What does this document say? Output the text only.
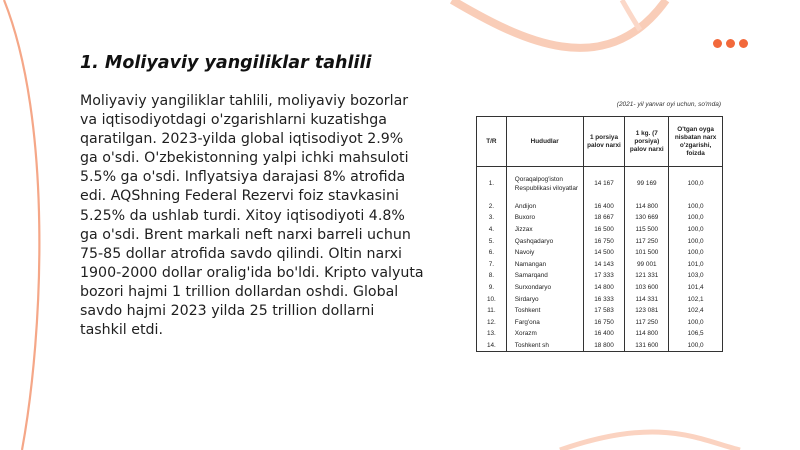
1. Moliyaviy yangiliklar tahlili
Moliyaviy yangiliklar tahlili, moliyaviy bozorlar va iqtisodiyotdagi o'zgarishlarni kuzatishga qaratilgan. 2023-yilda global iqtisodiyot 2.9% ga o'sdi. O'zbekistonning yalpi ichki mahsuloti 5.5% ga o'sdi. Inflyatsiya darajasi 8% atrofida edi. AQShning Federal Rezervi foiz stavkasini 5.25% da ushlab turdi. Xitoy iqtisodiyoti 4.8% ga o'sdi. Brent markali neft narxi barreli uchun 75-85 dollar atrofida savdo qilindi. Oltin narxi 1900-2000 dollar oralig'ida bo'ldi. Kripto valyuta bozori hajmi 1 trillion dollardan oshdi. Global savdo hajmi 2023 yilda 25 trillion dollarni tashkil etdi.
(2021- yil yanvar oyi uchun, so'mda)
T/R	Hududlar	1 porsiya palov narxi	1 kg. (7 porsiya) palov narxi	O'tgan oyga nisbatan narx o'zgarishi, foizda
1.	Qoraqalpog'iston Respublikasi viloyatlar	14 167	99 169	100,0
2.	Andijon	16 400	114 800	100,0
3.	Buxoro	18 667	130 669	100,0
4.	Jizzax	16 500	115 500	100,0
5.	Qashqadaryo	16 750	117 250	100,0
6.	Navoiy	14 500	101 500	100,0
7.	Namangan	14 143	99 001	101,0
8.	Samarqand	17 333	121 331	103,0
9.	Surxondaryo	14 800	103 600	101,4
10.	Sirdaryo	16 333	114 331	102,1
11.	Toshkent	17 583	123 081	102,4
12.	Farg'ona	16 750	117 250	100,0
13.	Xorazm	16 400	114 800	106,5
14.	Toshkent sh	18 800	131 600	100,0
